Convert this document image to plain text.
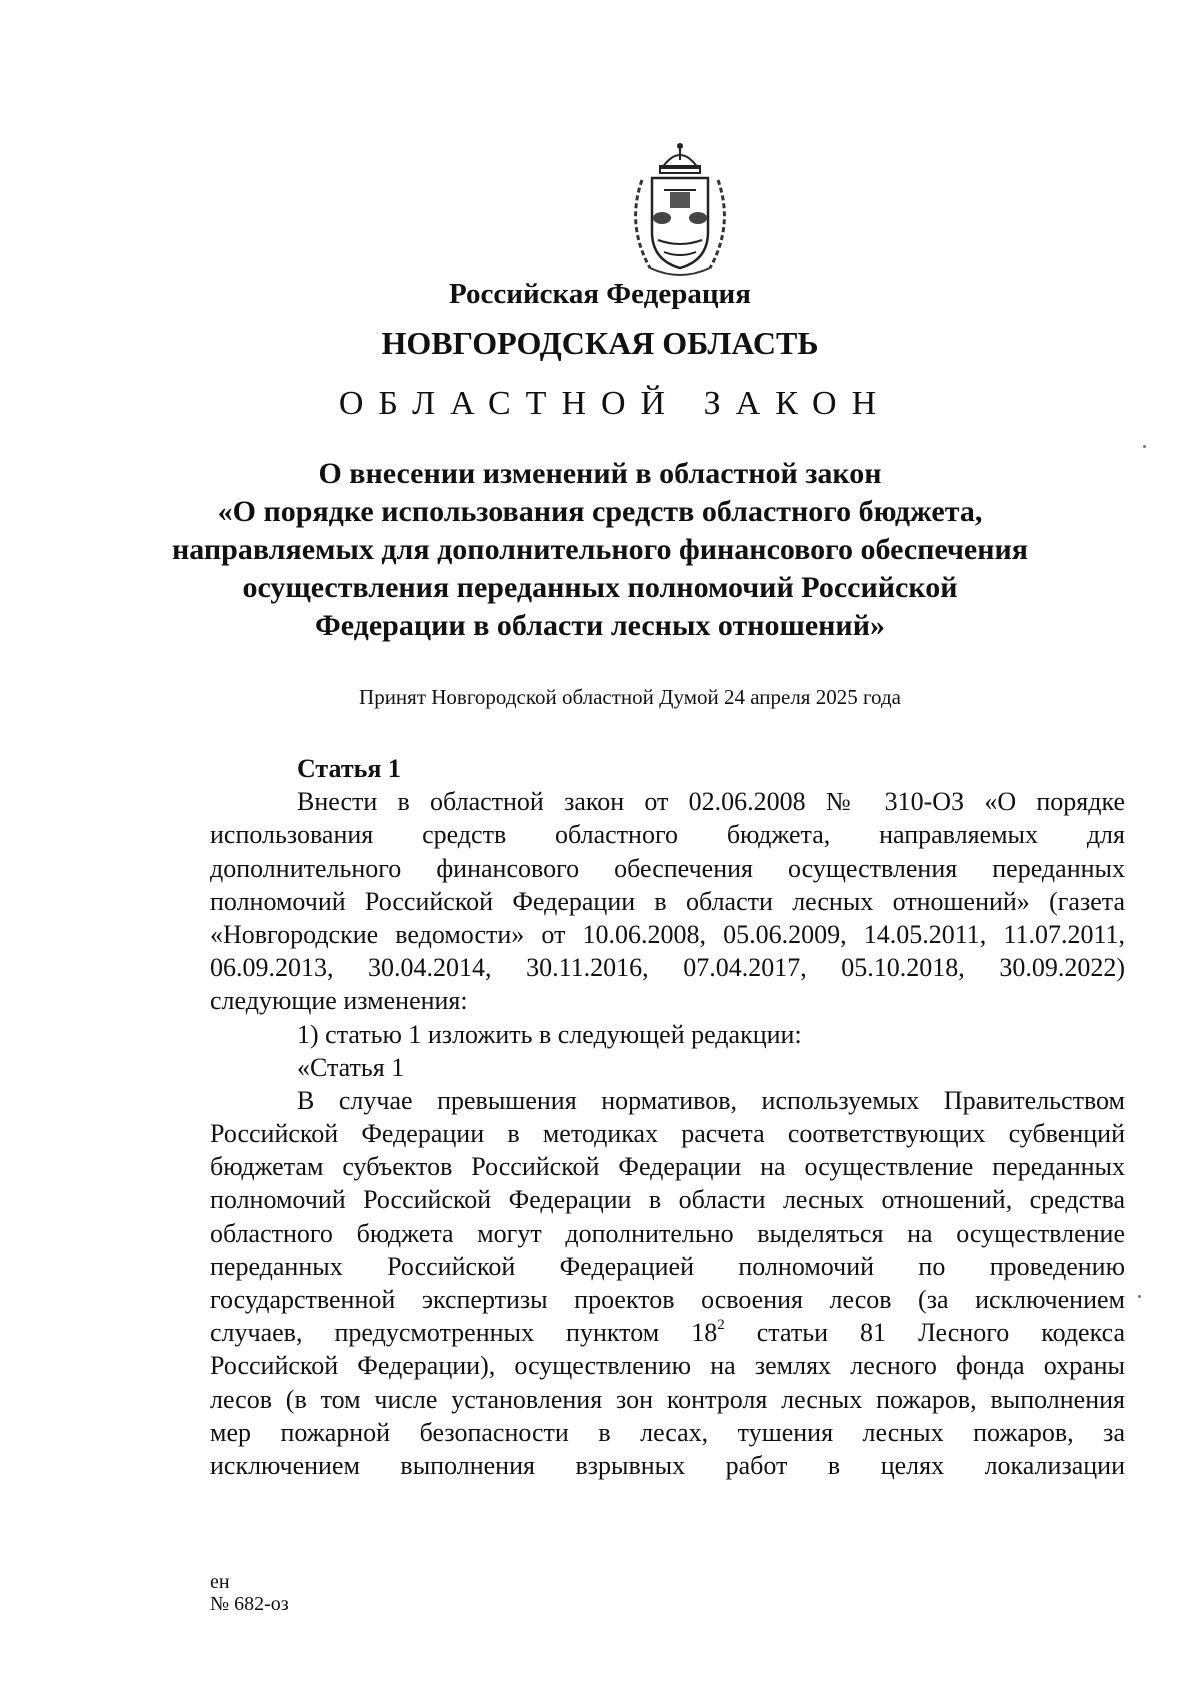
Российская Федерация
НОВГОРОДСКАЯ ОБЛАСТЬ
ОБЛАСТНОЙ ЗАКОН
О внесении изменений в областной закон
«О порядке использования средств областного бюджета,
направляемых для дополнительного финансового обеспечения
осуществления переданных полномочий Российской
Федерации в области лесных отношений»
Принят Новгородской областной Думой 24 апреля 2025 года
Статья 1
Внести в областной закон от 02.06.2008 № 310-ОЗ «О порядке
использования средств областного бюджета, направляемых для
дополнительного финансового обеспечения осуществления переданных
полномочий Российской Федерации в области лесных отношений» (газета
«Новгородские ведомости» от 10.06.2008, 05.06.2009, 14.05.2011, 11.07.2011,
06.09.2013, 30.04.2014, 30.11.2016, 07.04.2017, 05.10.2018, 30.09.2022)
следующие изменения:
1) статью 1 изложить в следующей редакции:
«Статья 1
В случае превышения нормативов, используемых Правительством
Российской Федерации в методиках расчета соответствующих субвенций
бюджетам субъектов Российской Федерации на осуществление переданных
полномочий Российской Федерации в области лесных отношений, средства
областного бюджета могут дополнительно выделяться на осуществление
переданных Российской Федерацией полномочий по проведению
государственной экспертизы проектов освоения лесов (за исключением
случаев, предусмотренных пунктом $18^2$ статьи 81 Лесного кодекса
Российской Федерации), осуществлению на землях лесного фонда охраны
лесов (в том числе установления зон контроля лесных пожаров, выполнения
мер пожарной безопасности в лесах, тушения лесных пожаров, за
исключением выполнения взрывных работ в целях локализации
ен
№ 682-оз
